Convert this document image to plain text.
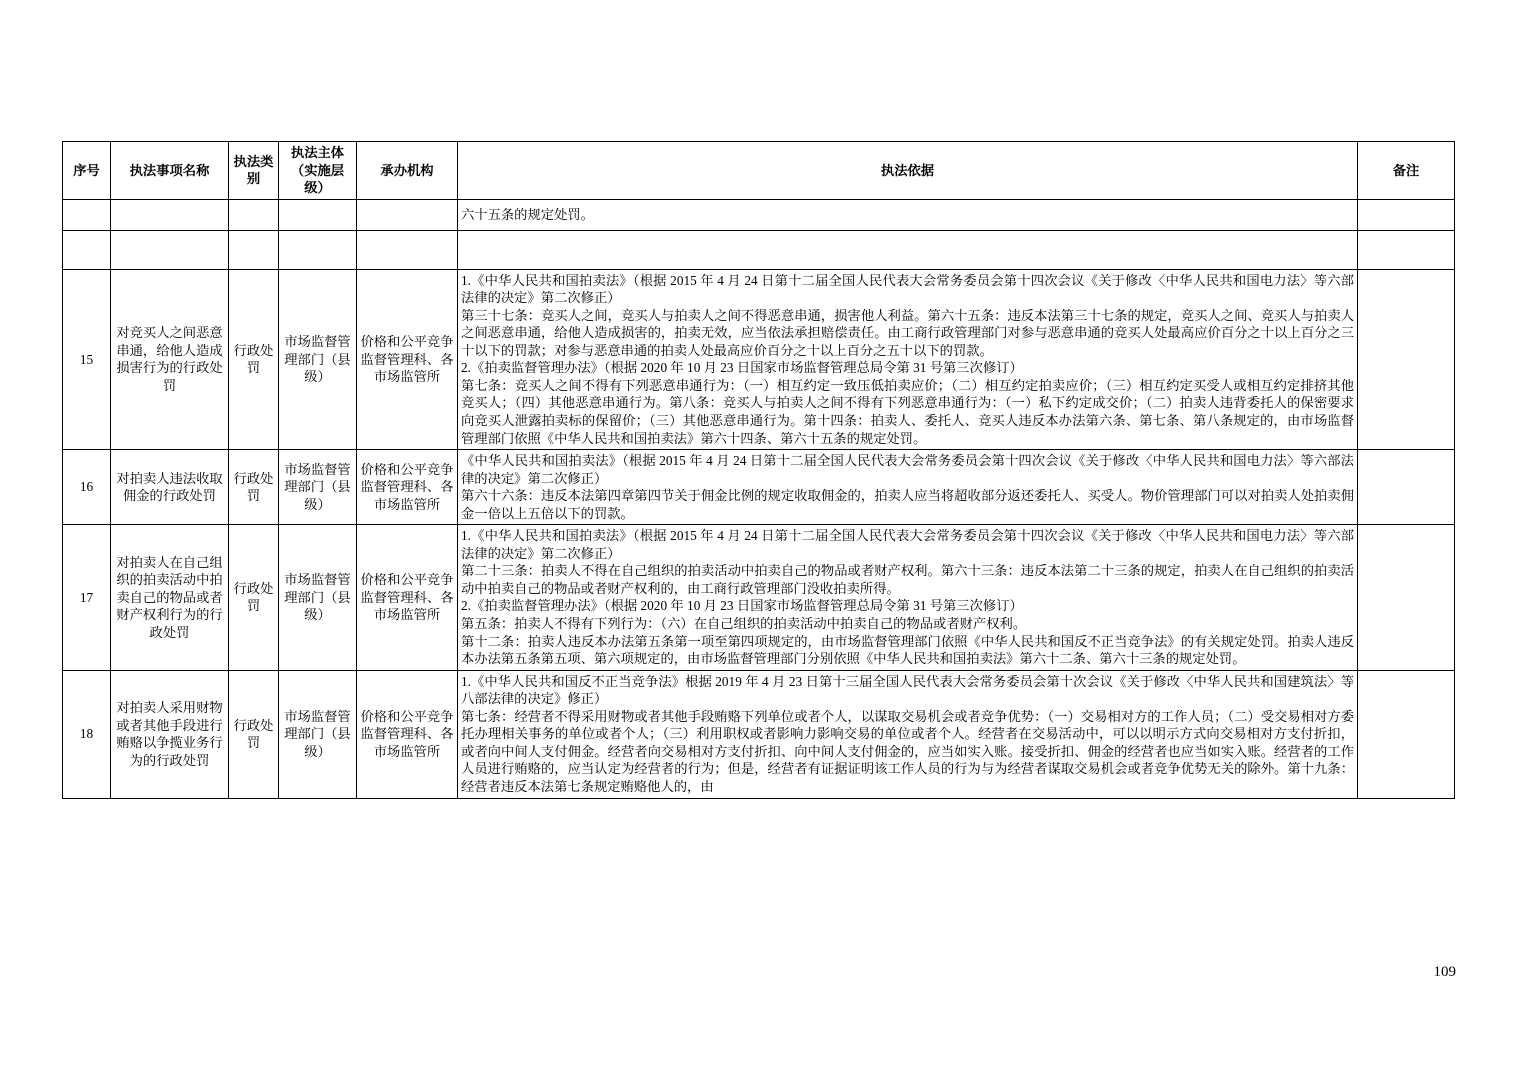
序号	执法事项名称	执法类别	执法主体（实施层级）	承办机构	执法依据	备注
					六十五条的规定处罚。	

15	对竞买人之间恶意串通，给他人造成损害行为的行政处罚	行政处罚	市场监督管理部门（县级）	价格和公平竞争监督管理科、各市场监管所	1.《中华人民共和国拍卖法》（根据 2015 年 4 月 24 日第十二届全国人民代表大会常务委员会第十四次会议《关于修改〈中华人民共和国电力法〉等六部法律的决定》第二次修正）

第三十七条：竞买人之间，竞买人与拍卖人之间不得恶意串通，损害他人利益。第六十五条：违反本法第三十七条的规定，竞买人之间、竞买人与拍卖人之间恶意串通，给他人造成损害的，拍卖无效，应当依法承担赔偿责任。由工商行政管理部门对参与恶意串通的竞买人处最高应价百分之十以上百分之三十以下的罚款；对参与恶意串通的拍卖人处最高应价百分之十以上百分之五十以下的罚款。

2.《拍卖监督管理办法》（根据 2020 年 10 月 23 日国家市场监督管理总局令第 31 号第三次修订）

第七条：竞买人之间不得有下列恶意串通行为：（一）相互约定一致压低拍卖应价；（二）相互约定拍卖应价；（三）相互约定买受人或相互约定排挤其他竞买人；（四）其他恶意串通行为。第八条：竞买人与拍卖人之间不得有下列恶意串通行为：（一）私下约定成交价；（二）拍卖人违背委托人的保密要求向竞买人泄露拍卖标的保留价；（三）其他恶意串通行为。第十四条：拍卖人、委托人、竞买人违反本办法第六条、第七条、第八条规定的，由市场监督管理部门依照《中华人民共和国拍卖法》第六十四条、第六十五条的规定处罚。	

16	对拍卖人违法收取佣金的行政处罚	行政处罚	市场监督管理部门（县级）	价格和公平竞争监督管理科、各市场监管所	《中华人民共和国拍卖法》（根据 2015 年 4 月 24 日第十二届全国人民代表大会常务委员会第十四次会议《关于修改〈中华人民共和国电力法〉等六部法律的决定》第二次修正）

第六十六条：违反本法第四章第四节关于佣金比例的规定收取佣金的，拍卖人应当将超收部分返还委托人、买受人。物价管理部门可以对拍卖人处拍卖佣金一倍以上五倍以下的罚款。	

17	对拍卖人在自己组织的拍卖活动中拍卖自己的物品或者财产权利行为的行政处罚	行政处罚	市场监督管理部门（县级）	价格和公平竞争监督管理科、各市场监管所	1.《中华人民共和国拍卖法》（根据 2015 年 4 月 24 日第十二届全国人民代表大会常务委员会第十四次会议《关于修改〈中华人民共和国电力法〉等六部法律的决定》第二次修正）

第二十三条：拍卖人不得在自己组织的拍卖活动中拍卖自己的物品或者财产权利。第六十三条：违反本法第二十三条的规定，拍卖人在自己组织的拍卖活动中拍卖自己的物品或者财产权利的，由工商行政管理部门没收拍卖所得。

2.《拍卖监督管理办法》（根据 2020 年 10 月 23 日国家市场监督管理总局令第 31 号第三次修订）

第五条：拍卖人不得有下列行为：（六）在自己组织的拍卖活动中拍卖自己的物品或者财产权利。

第十二条：拍卖人违反本办法第五条第一项至第四项规定的，由市场监督管理部门依照《中华人民共和国反不正当竞争法》的有关规定处罚。拍卖人违反本办法第五条第五项、第六项规定的，由市场监督管理部门分别依照《中华人民共和国拍卖法》第六十二条、第六十三条的规定处罚。	

18	对拍卖人采用财物或者其他手段进行贿赂以争揽业务行为的行政处罚	行政处罚	市场监督管理部门（县级）	价格和公平竞争监督管理科、各市场监管所	1.《中华人民共和国反不正当竞争法》根据 2019 年 4 月 23 日第十三届全国人民代表大会常务委员会第十次会议《关于修改〈中华人民共和国建筑法〉等八部法律的决定》修正）

第七条：经营者不得采用财物或者其他手段贿赂下列单位或者个人，以谋取交易机会或者竞争优势：（一）交易相对方的工作人员；（二）受交易相对方委托办理相关事务的单位或者个人；（三）利用职权或者影响力影响交易的单位或者个人。经营者在交易活动中，可以以明示方式向交易相对方支付折扣，或者向中间人支付佣金。经营者向交易相对方支付折扣、向中间人支付佣金的，应当如实入账。接受折扣、佣金的经营者也应当如实入账。经营者的工作人员进行贿赂的，应当认定为经营者的行为；但是，经营者有证据证明该工作人员的行为与为经营者谋取交易机会或者竞争优势无关的除外。第十九条：经营者违反本法第七条规定贿赂他人的，由	

109
